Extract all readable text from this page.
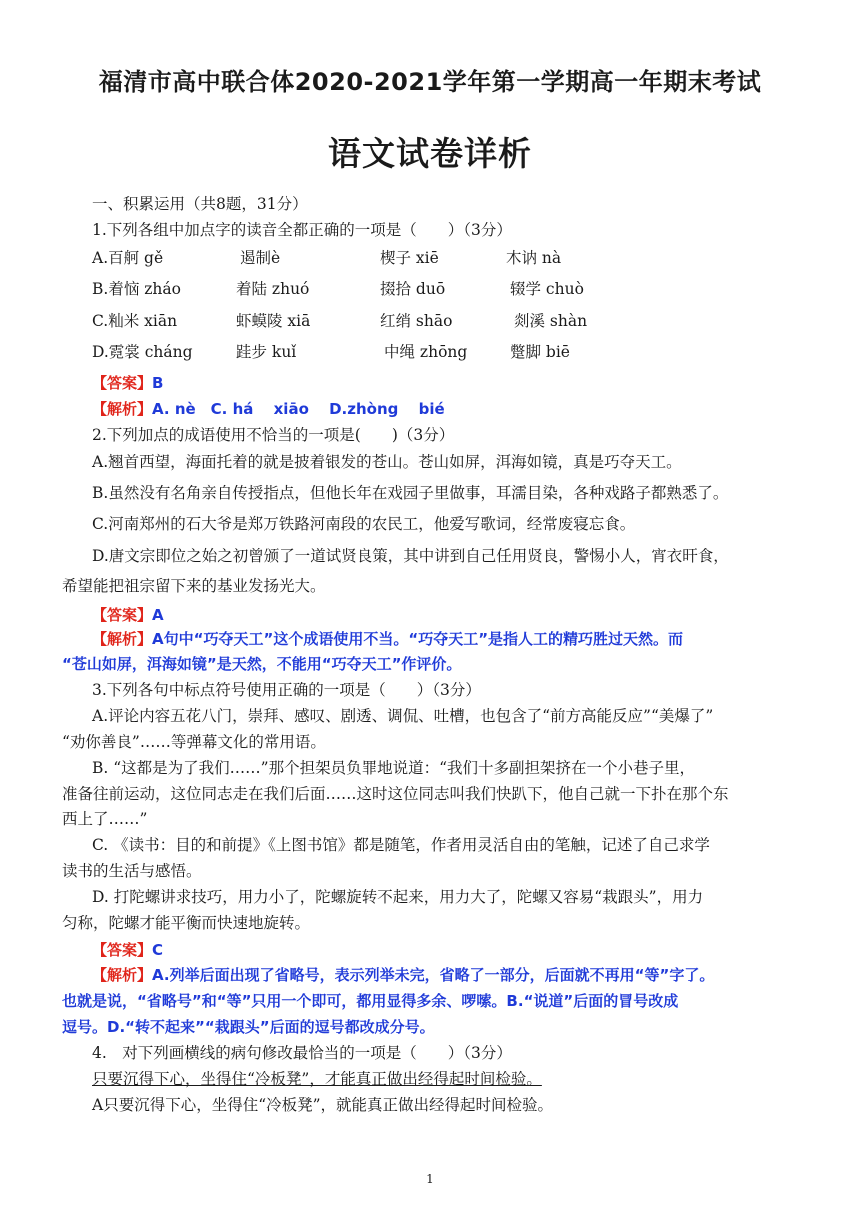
福清市高中联合体2020-2021学年第一学期高一年期末考试
语文试卷详析
一、积累运用（共8题，31分）
1.下列各组中加点字的读音全都正确的一项是（　　）（3分）
A.百舸 gě	遏制è	楔子 xiē	木讷 nà
B.着恼 zháo	着陆 zhuó	掇拾 duō	辍学 chuò
C.籼米 xiān	虾蟆陵 xiā	红绡 shāo	剡溪 shàn
D.霓裳 cháng	跬步 kuǐ	中绳 zhōng	蹩脚 biē
【答案】B
【解析】A. nè　C. há　 xiāo　 D.zhòng　 bié
2.下列加点的成语使用不恰当的一项是(　　)（3分）
A.翘首西望，海面托着的就是披着银发的苍山。苍山如屏，洱海如镜，真是巧夺天工。
B.虽然没有名角亲自传授指点，但他长年在戏园子里做事，耳濡目染，各种戏路子都熟悉了。
C.河南郑州的石大爷是郑万铁路河南段的农民工，他爱写歌词，经常废寝忘食。
D.唐文宗即位之始之初曾颁了一道试贤良策，其中讲到自己任用贤良，警惕小人，宵衣旰食，
希望能把祖宗留下来的基业发扬光大。
【答案】A
【解析】A句中“巧夺天工”这个成语使用不当。“巧夺天工”是指人工的精巧胜过天然。而
“苍山如屏，洱海如镜”是天然，不能用“巧夺天工”作评价。
3.下列各句中标点符号使用正确的一项是（　　）（3分）
A.评论内容五花八门，崇拜、感叹、剧透、调侃、吐槽，也包含了“前方高能反应”“美爆了”
“劝你善良”……等弹幕文化的常用语。
B. “这都是为了我们……”那个担架员负罪地说道：“我们十多副担架挤在一个小巷子里，
准备往前运动，这位同志走在我们后面……这时这位同志叫我们快趴下，他自己就一下扑在那个东
西上了……”
C. 《读书：目的和前提》《上图书馆》都是随笔，作者用灵活自由的笔触，记述了自己求学
读书的生活与感悟。
D. 打陀螺讲求技巧，用力小了，陀螺旋转不起来，用力大了，陀螺又容易“栽跟头”，用力
匀称，陀螺才能平衡而快速地旋转。
【答案】C
【解析】A.列举后面出现了省略号，表示列举未完，省略了一部分，后面就不再用“等”字了。
也就是说，“省略号”和“等”只用一个即可，都用显得多余、啰嗦。B.“说道”后面的冒号改成
逗号。D.“转不起来”“栽跟头”后面的逗号都改成分号。
4.　对下列画横线的病句修改最恰当的一项是（　　）（3分）
只要沉得下心，坐得住“冷板凳”，才能真正做出经得起时间检验。
A只要沉得下心，坐得住“冷板凳”，就能真正做出经得起时间检验。
1
